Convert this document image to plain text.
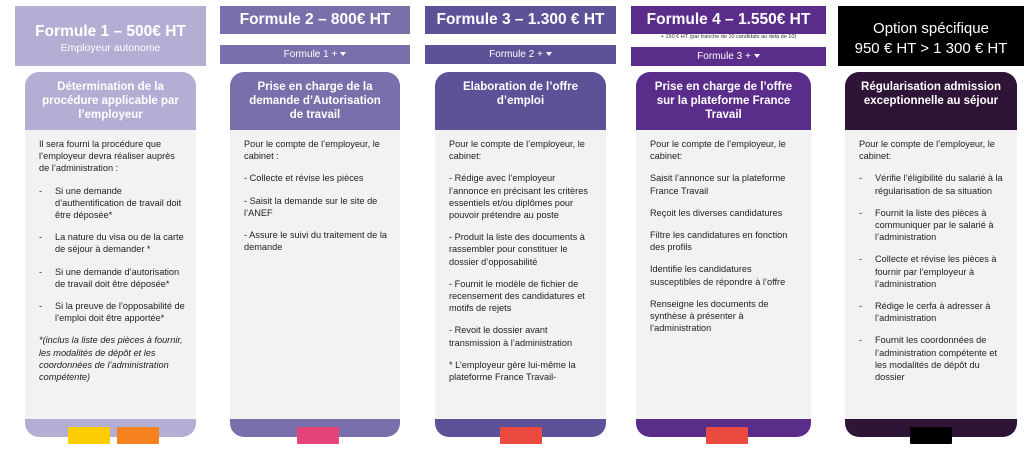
Formule 1 – 500€ HT
Employeur autonome
Détermination de la procédure applicable par l’employeur

Il sera fourni la procédure que l’employeur devra réaliser auprès de l’administration :

- Si une demande d’authentification de travail doit être déposée*
- La nature du visa ou de la carte de séjour à demander *
- Si une demande d’autorisation de travail doit être déposée*
- Si la preuve de l’opposabilité de l’emploi doit être apportée*

*(inclus la liste des pièces à fournir, les modalités de dépôt et les coordonnées de l’administration compétente)

Formule 2 – 800€ HT
Formule 1 +
Prise en charge de la demande d’Autorisation de travail

Pour le compte de l’employeur, le cabinet :

- Collecte et révise les pièces
- Saisit la demande sur le site de l’ANEF
- Assure le suivi du traitement de la demande
Formule 3 – 1.300 € HT
Formule 2 +
Elaboration de l’offre d’emploi

Pour le compte de l’employeur, le cabinet:

- Rédige avec l’employeur l’annonce en précisant les critères essentiels et/ou diplômes pour pouvoir prétendre au poste
- Produit la liste des documents à rassembler pour constituer le dossier d’opposabilité
- Fournit le modèle de fichier de recensement des candidatures et motifs de rejets
- Revoit le dossier avant transmission à l’administration
* L’employeur gère lui-même la plateforme France Travail-
Formule 4 – 1.550€ HT
+ 150 € HT (par tranche de 10 candidats au delà de 10)
Formule 3 +
Prise en charge de l’offre sur la plateforme France Travail

Pour le compte de l’employeur, le cabinet:

Saisit l’annonce sur la plateforme France Travail
Reçoit les diverses candidatures
Filtre les candidatures en fonction des profils
Identifie les candidatures susceptibles de répondre à l’offre
Renseigne les documents de synthèse à présenter à l’administration
Option spécifique
950 € HT > 1 300 € HT
Régularisation admission exceptionnelle au séjour

Pour le compte de l’employeur, le cabinet:

- Vérifie l’éligibilité du salarié à la régularisation de sa situation
- Fournit la liste des pièces à communiquer par le salarié à l’administration
- Collecte et révise les pièces à fournir par l’employeur à l’administration
- Rédige le cerfa à adresser à l’administration
- Fournit les coordonnées de l’administration compétente et les modalités de dépôt du dossier
